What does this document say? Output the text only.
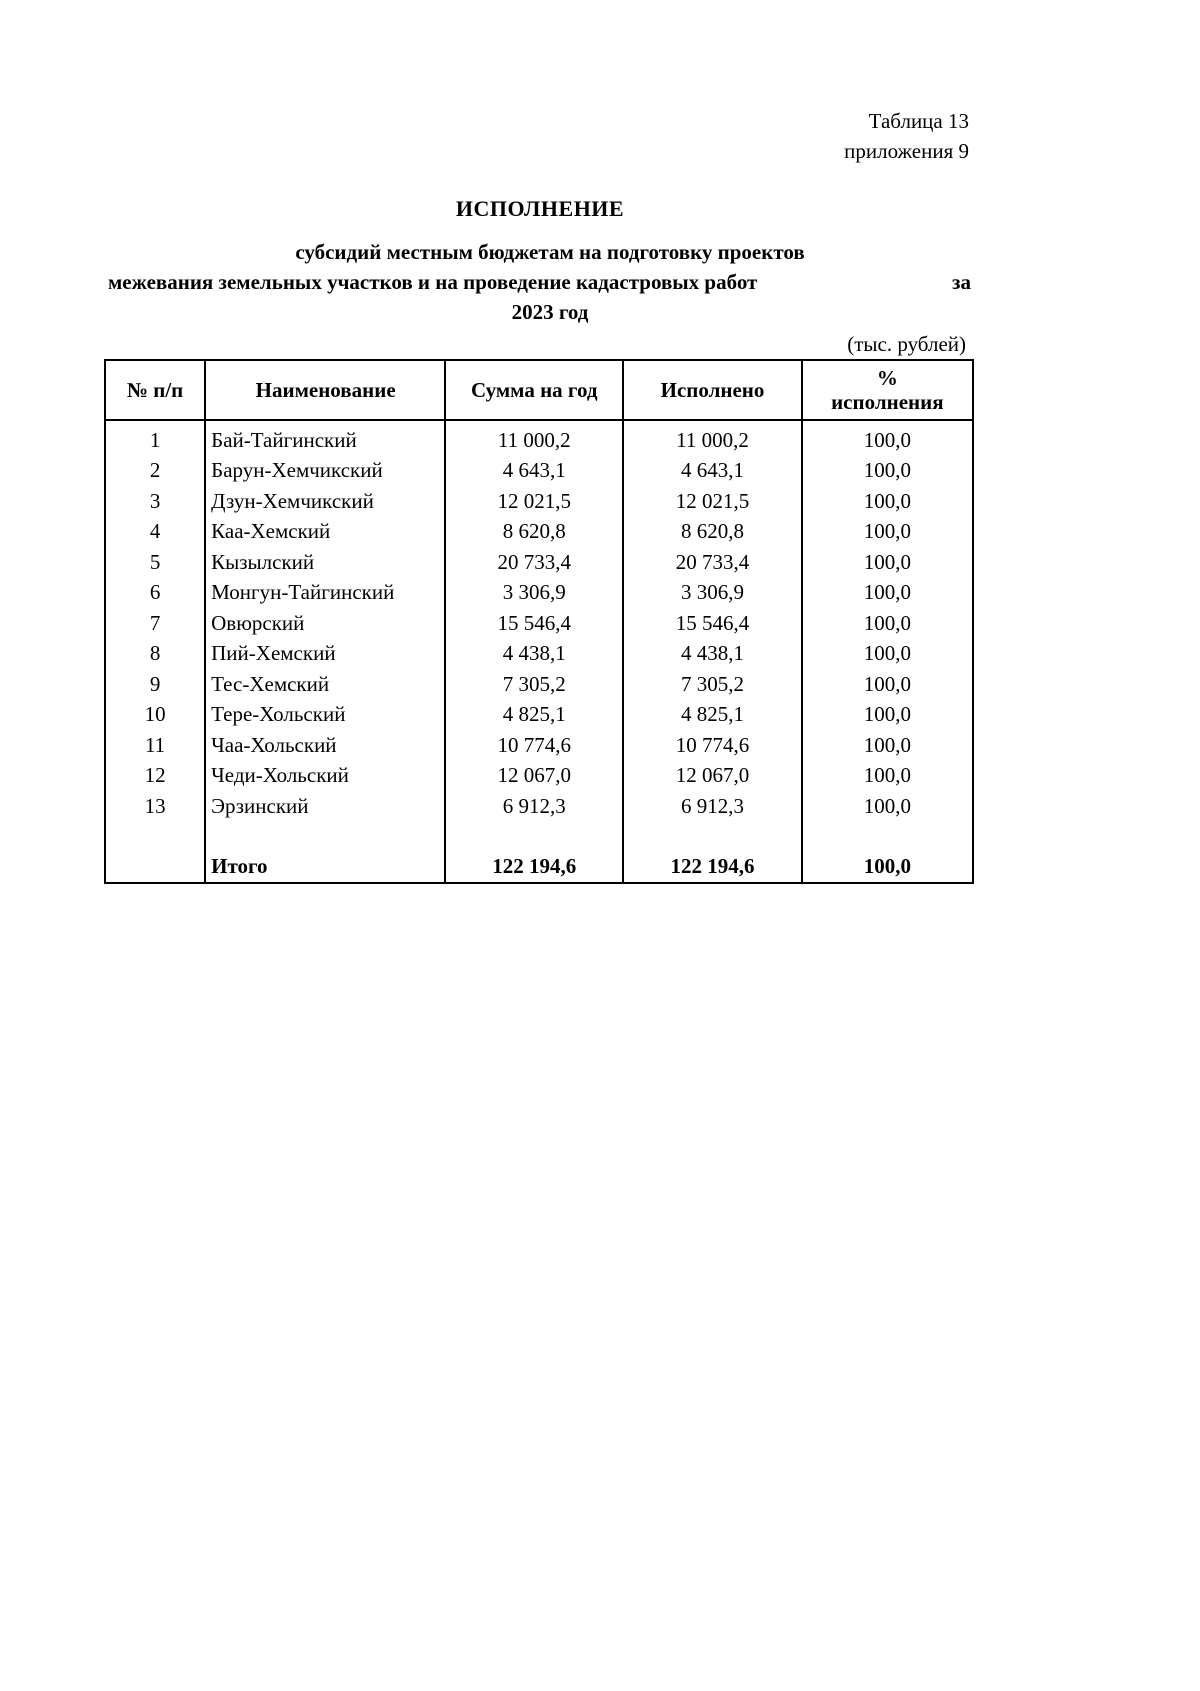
Таблица 13
приложения 9
ИСПОЛНЕНИЕ
субсидий местным бюджетам на подготовку проектов
межевания земельных участков и на проведение кадастровых работ	за
2023 год
(тыс. рублей)
№ п/п	Наименование	Сумма на год	Исполнено	%
исполнения

1	Бай-Тайгинский	11 000,2	11 000,2	100,0
2	Барун-Хемчикский	4 643,1	4 643,1	100,0
3	Дзун-Хемчикский	12 021,5	12 021,5	100,0
4	Каа-Хемский	8 620,8	8 620,8	100,0
5	Кызылский	20 733,4	20 733,4	100,0
6	Монгун-Тайгинский	3 306,9	3 306,9	100,0
7	Овюрский	15 546,4	15 546,4	100,0
8	Пий-Хемский	4 438,1	4 438,1	100,0
9	Тес-Хемский	7 305,2	7 305,2	100,0
10	Тере-Хольский	4 825,1	4 825,1	100,0
11	Чаа-Хольский	10 774,6	10 774,6	100,0
12	Чеди-Хольский	12 067,0	12 067,0	100,0
13	Эрзинский	6 912,3	6 912,3	100,0

	Итого	122 194,6	122 194,6	100,0
